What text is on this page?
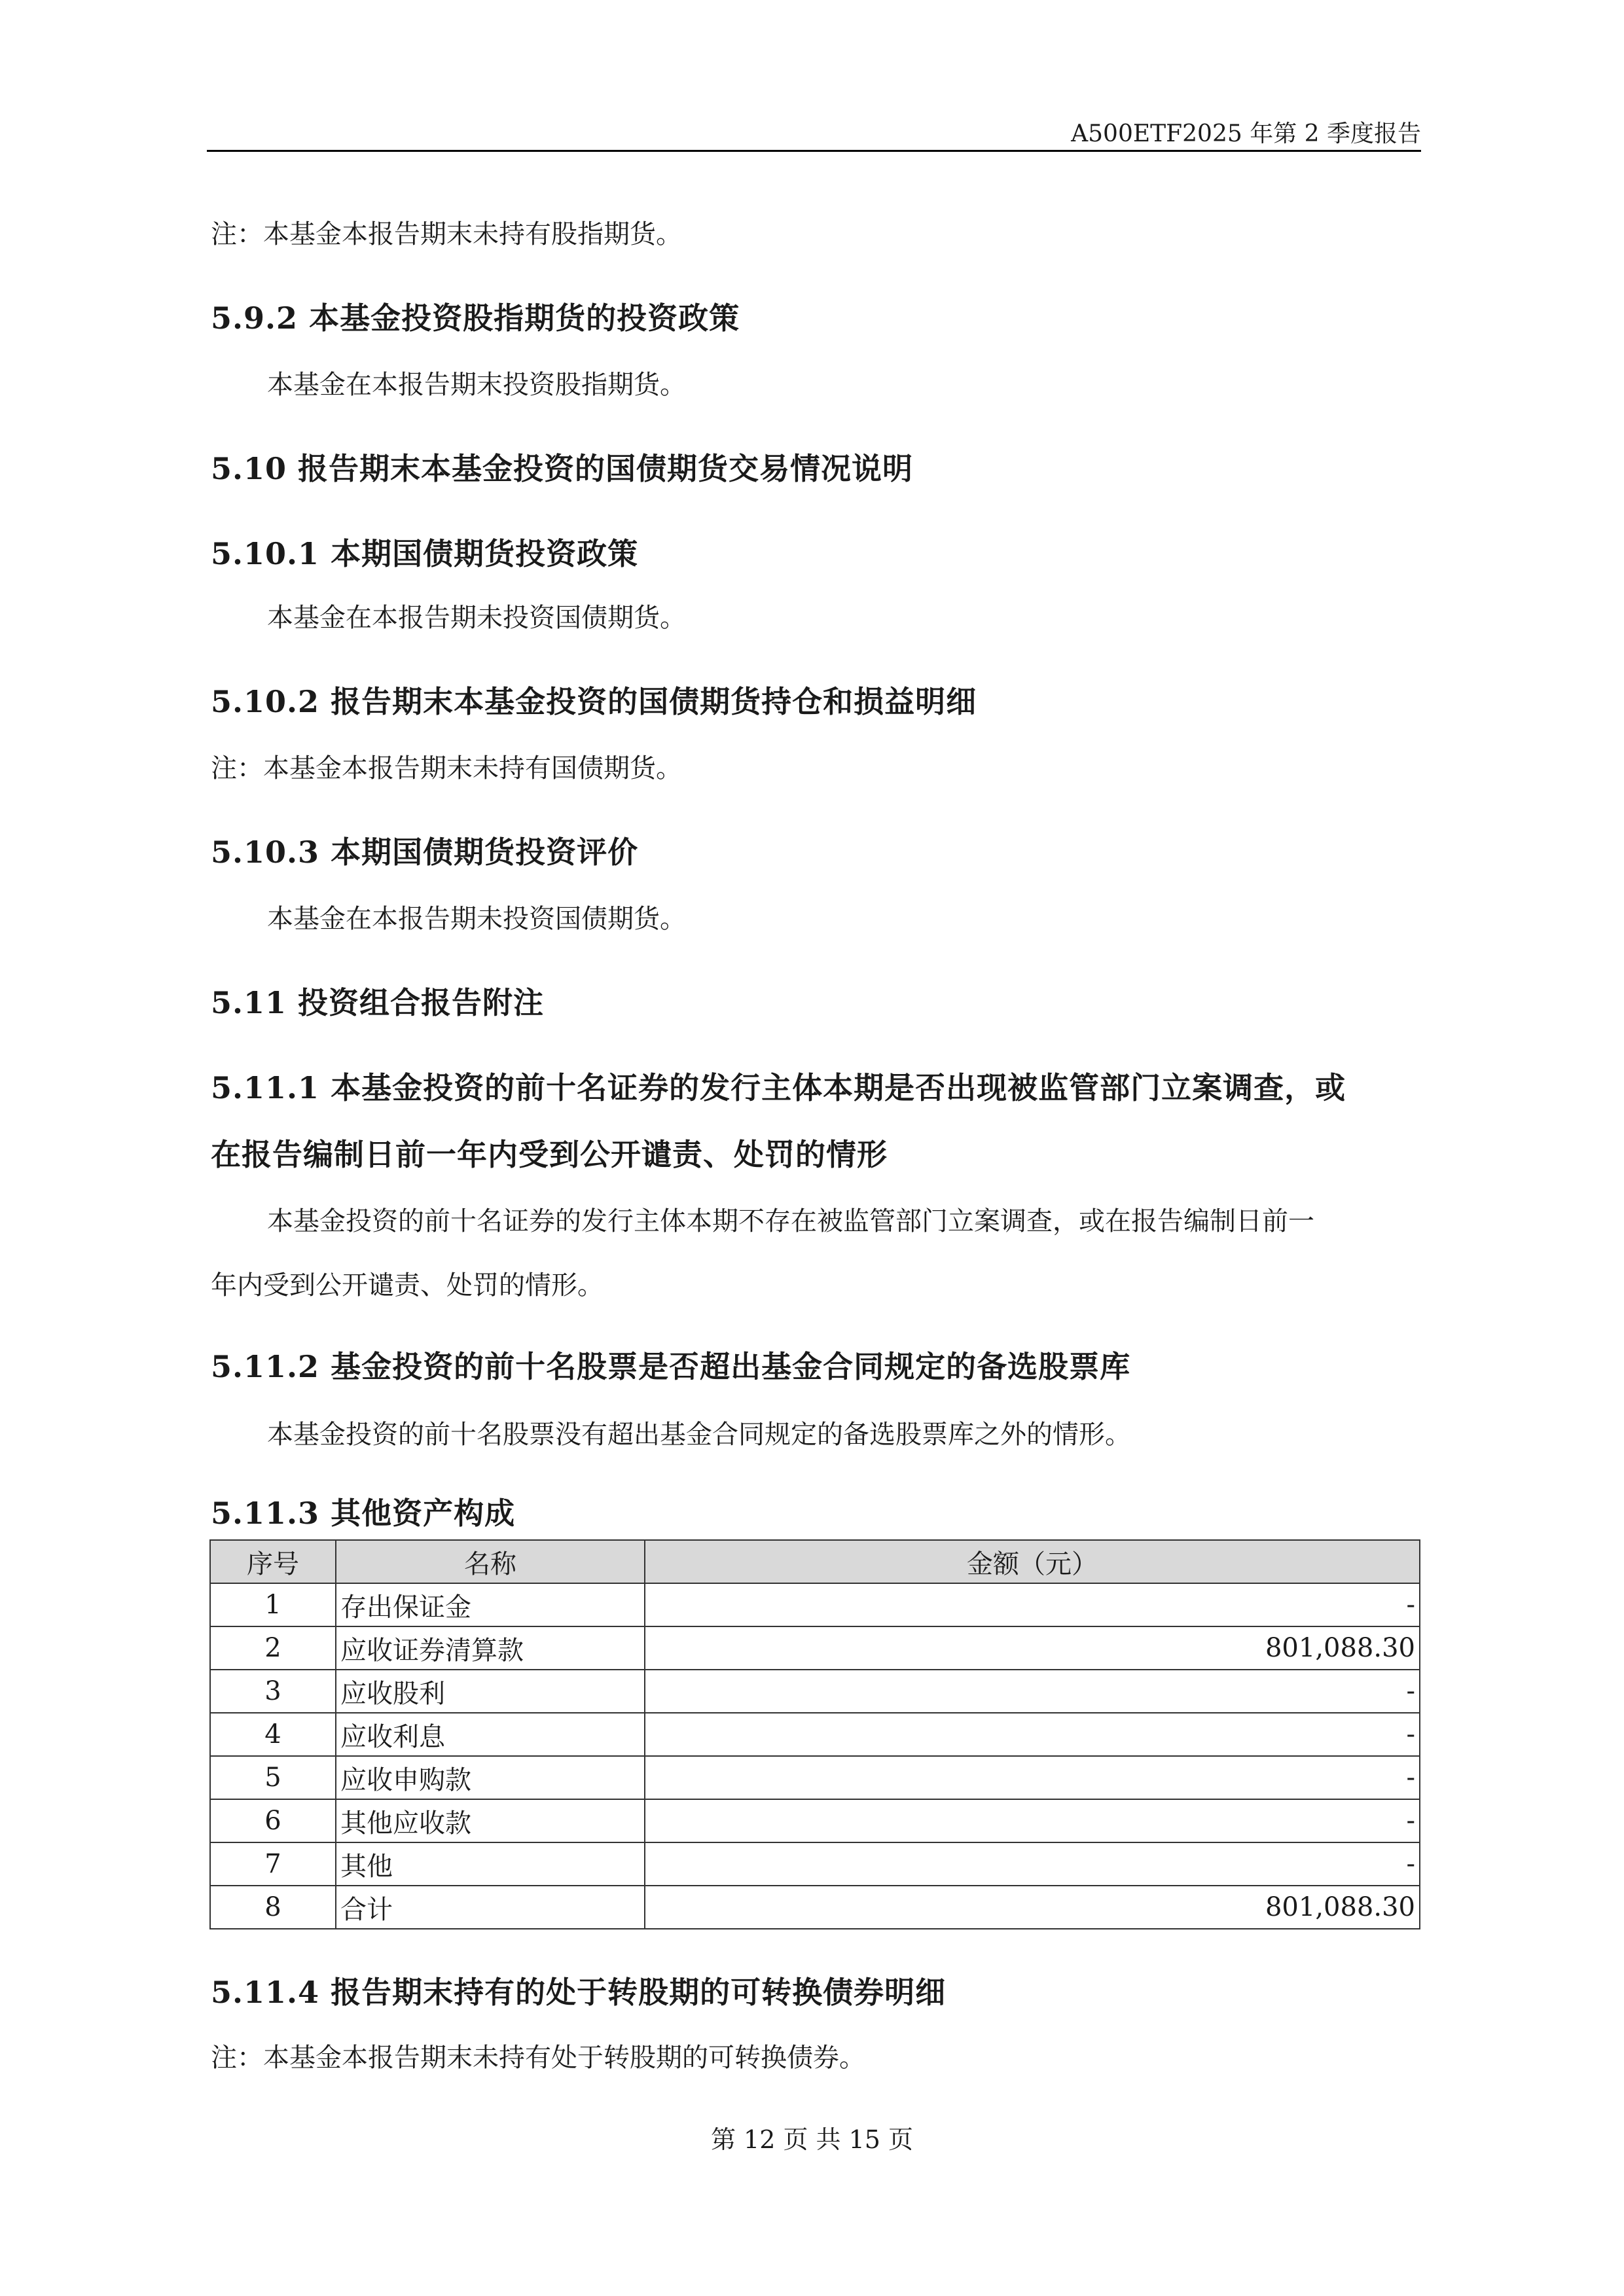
A500ETF2025 年第 2 季度报告
注：本基金本报告期末未持有股指期货。
5.9.2 本基金投资股指期货的投资政策
本基金在本报告期末投资股指期货。
5.10 报告期末本基金投资的国债期货交易情况说明
5.10.1 本期国债期货投资政策
本基金在本报告期未投资国债期货。
5.10.2 报告期末本基金投资的国债期货持仓和损益明细
注：本基金本报告期末未持有国债期货。
5.10.3 本期国债期货投资评价
本基金在本报告期未投资国债期货。
5.11 投资组合报告附注
5.11.1 本基金投资的前十名证券的发行主体本期是否出现被监管部门立案调查，或
在报告编制日前一年内受到公开谴责、处罚的情形
本基金投资的前十名证券的发行主体本期不存在被监管部门立案调查，或在报告编制日前一
年内受到公开谴责、处罚的情形。
5.11.2 基金投资的前十名股票是否超出基金合同规定的备选股票库
本基金投资的前十名股票没有超出基金合同规定的备选股票库之外的情形。
5.11.3 其他资产构成
序号	名称	金额（元）
1	存出保证金	-
2	应收证券清算款	801,088.30
3	应收股利	-
4	应收利息	-
5	应收申购款	-
6	其他应收款	-
7	其他	-
8	合计	801,088.30
5.11.4 报告期末持有的处于转股期的可转换债券明细
注：本基金本报告期末未持有处于转股期的可转换债券。
第 12 页 共 15 页
